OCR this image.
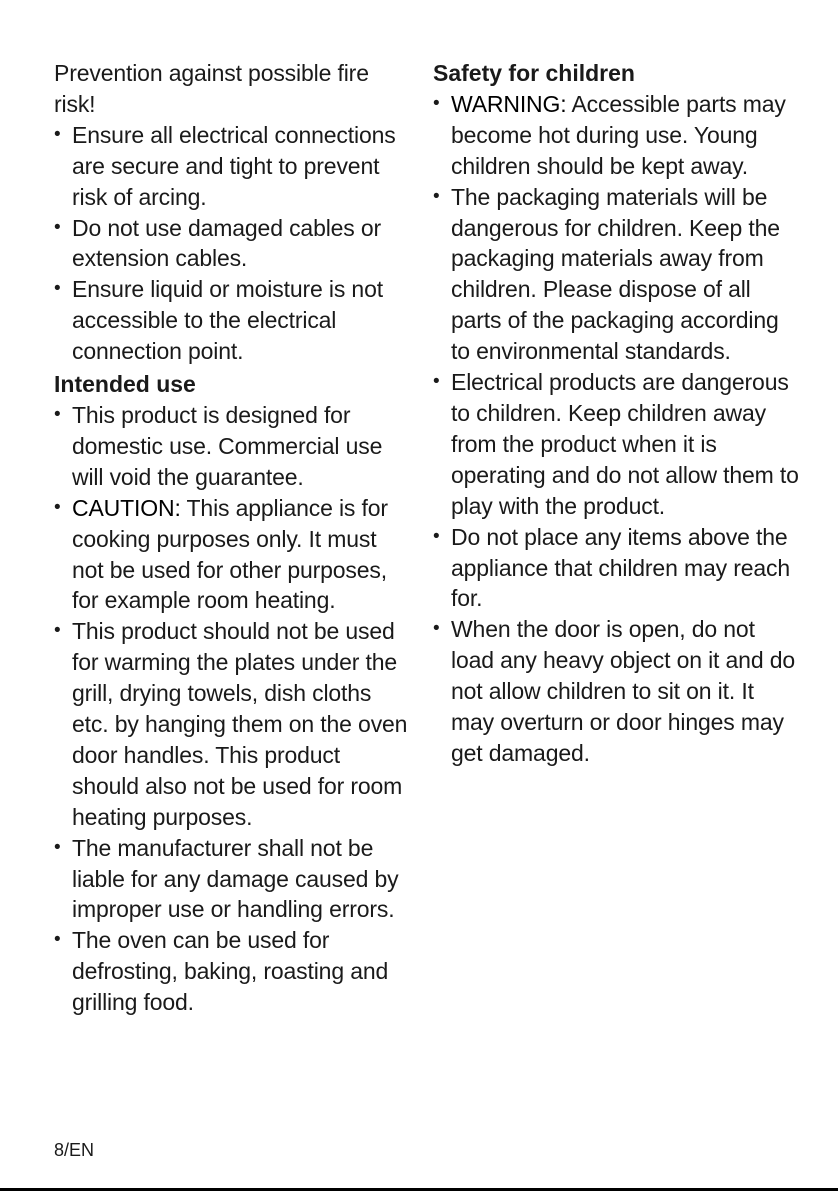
Prevention against possible fire risk!

• Ensure all electrical connections are secure and tight to prevent risk of arcing.
• Do not use damaged cables or extension cables.
• Ensure liquid or moisture is not accessible to the electrical connection point.

Intended use

• This product is designed for domestic use. Commercial use will void the guarantee.
• CAUTION: This appliance is for cooking purposes only. It must not be used for other purposes, for example room heating.
• This product should not be used for warming the plates under the grill, drying towels, dish cloths etc. by hanging them on the oven door handles. This product should also not be used for room heating purposes.
• The manufacturer shall not be liable for any damage caused by improper use or handling errors.
• The oven can be used for defrosting, baking, roasting and grilling food.

Safety for children

• WARNING: Accessible parts may become hot during use. Young children should be kept away.
• The packaging materials will be dangerous for children. Keep the packaging materials away from children. Please dispose of all parts of the packaging according to environmental standards.
• Electrical products are dangerous to children. Keep children away from the product when it is operating and do not allow them to play with the product.
• Do not place any items above the appliance that children may reach for.
• When the door is open, do not load any heavy object on it and do not allow children to sit on it. It may overturn or door hinges may get damaged.
8/EN
